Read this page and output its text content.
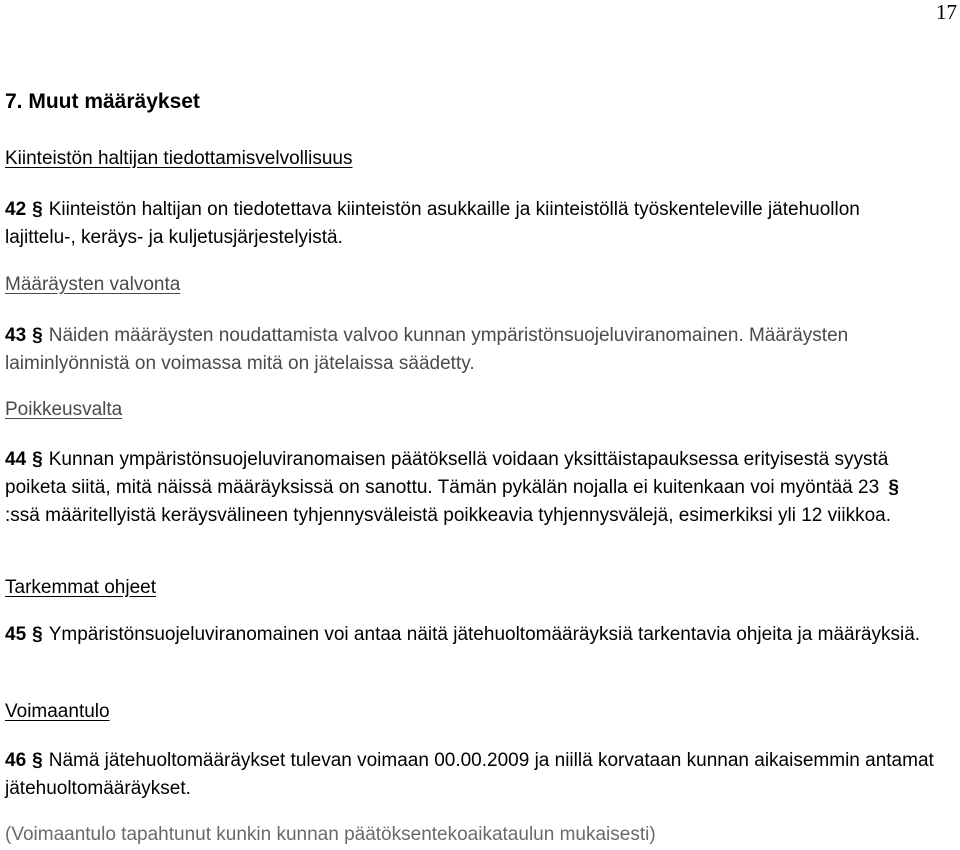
17
7. Muut määräykset
Kiinteistön haltijan tiedottamisvelvollisuus

42 § Kiinteistön haltijan on tiedotettava kiinteistön asukkaille ja kiinteistöllä työskenteleville jätehuollon lajittelu-, keräys- ja kuljetusjärjestelyistä.

Määräysten valvonta

43 § Näiden määräysten noudattamista valvoo kunnan ympäristönsuojeluviranomainen. Määräysten laiminlyönnistä on voimassa mitä on jätelaissa säädetty.

Poikkeusvalta

44 § Kunnan ympäristönsuojeluviranomaisen päätöksellä voidaan yksittäistapauksessa erityisestä syystä poiketa siitä, mitä näissä määräyksissä on sanottu. Tämän pykälän nojalla ei kuitenkaan voi myöntää 23 §:ssä määritellyistä keräysvälineen tyhjennysväleistä poikkeavia tyhjennysvälejä, esimerkiksi yli 12 viikkoa.

Tarkemmat ohjeet

45 § Ympäristönsuojeluviranomainen voi antaa näitä jätehuoltomääräyksiä tarkentavia ohjeita ja määräyksiä.

Voimaantulo

46 § Nämä jätehuoltomääräykset tulevan voimaan 00.00.2009 ja niillä korvataan kunnan aikaisemmin antamat jätehuoltomääräykset.

(Voimaantulo tapahtunut kunkin kunnan päätöksentekoaikataulun mukaisesti)
